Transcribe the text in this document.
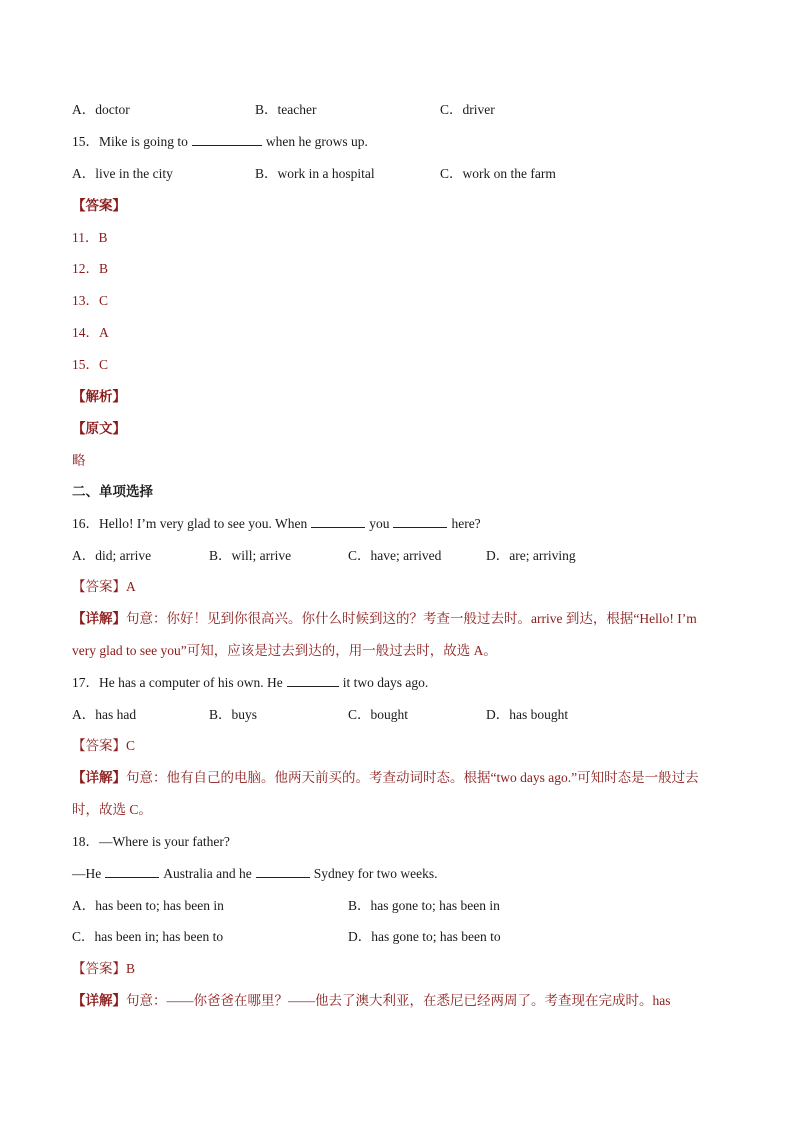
A．doctor	B．teacher	C．driver
15．Mike is going to	when he grows up.
A．live in the city	B．work in a hospital	C．work on the farm
【答案】
11．B
12．B
13．C
14．A
15．C
【解析】
【原文】
略
二、单项选择
16．Hello! I’m very glad to see you. When	you	here?
A．did; arrive	B．will; arrive	C．have; arrived	D．are; arriving
【答案】A
【详解】句意：你好！见到你很高兴。你什么时候到这的？考查一般过去时。arrive 到达，根据“Hello! I’m
very glad to see you”可知，应该是过去到达的，用一般过去时，故选 A。
17．He has a computer of his own. He	it two days ago.
A．has had	B．buys	C．bought	D．has bought
【答案】C
【详解】句意：他有自己的电脑。他两天前买的。考查动词时态。根据“two days ago.”可知时态是一般过去
时，故选 C。
18．—Where is your father?
—He	Australia and he	Sydney for two weeks.
A．has been to; has been in	B．has gone to; has been in
C．has been in; has been to	D．has gone to; has been to
【答案】B
【详解】句意：——你爸爸在哪里？——他去了澳大利亚，在悉尼已经两周了。考查现在完成时。has
